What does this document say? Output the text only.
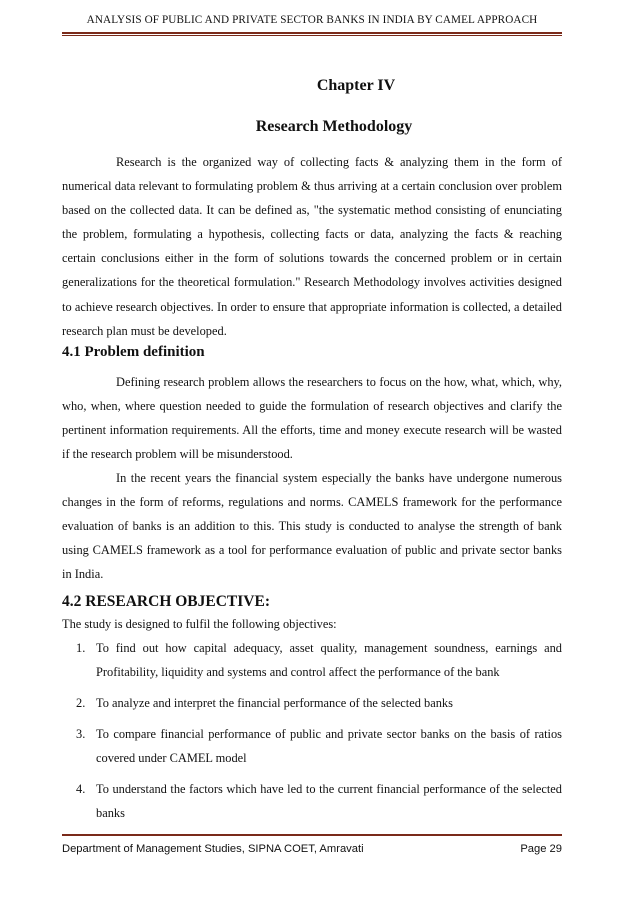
ANALYSIS OF PUBLIC AND PRIVATE SECTOR BANKS IN INDIA BY CAMEL APPROACH
Chapter IV
Research Methodology

Research is the organized way of collecting facts & analyzing them in the form of numerical data relevant to formulating problem & thus arriving at a certain conclusion over problem based on the collected data. It can be defined as, "the systematic method consisting of enunciating the problem, formulating a hypothesis, collecting facts or data, analyzing the facts & reaching certain conclusions either in the form of solutions towards the concerned problem or in certain generalizations for the theoretical formulation." Research Methodology involves activities designed to achieve research objectives. In order to ensure that appropriate information is collected, a detailed research plan must be developed.

4.1 Problem definition

Defining research problem allows the researchers to focus on the how, what, which, why, who, when, where question needed to guide the formulation of research objectives and clarify the pertinent information requirements. All the efforts, time and money execute research will be wasted if the research problem will be misunderstood.

In the recent years the financial system especially the banks have undergone numerous changes in the form of reforms, regulations and norms. CAMELS framework for the performance evaluation of banks is an addition to this. This study is conducted to analyse the strength of bank using CAMELS framework as a tool for performance evaluation of public and private sector banks in India.

4.2 RESEARCH OBJECTIVE:

The study is designed to fulfil the following objectives:

1. To find out how capital adequacy, asset quality, management soundness, earnings and Profitability, liquidity and systems and control affect the performance of the bank
2. To analyze and interpret the financial performance of the selected banks
3. To compare financial performance of public and private sector banks on the basis of ratios covered under CAMEL model
4. To understand the factors which have led to the current financial performance of the selected banks
Department of Management Studies, SIPNA COET, Amravati	Page 29
